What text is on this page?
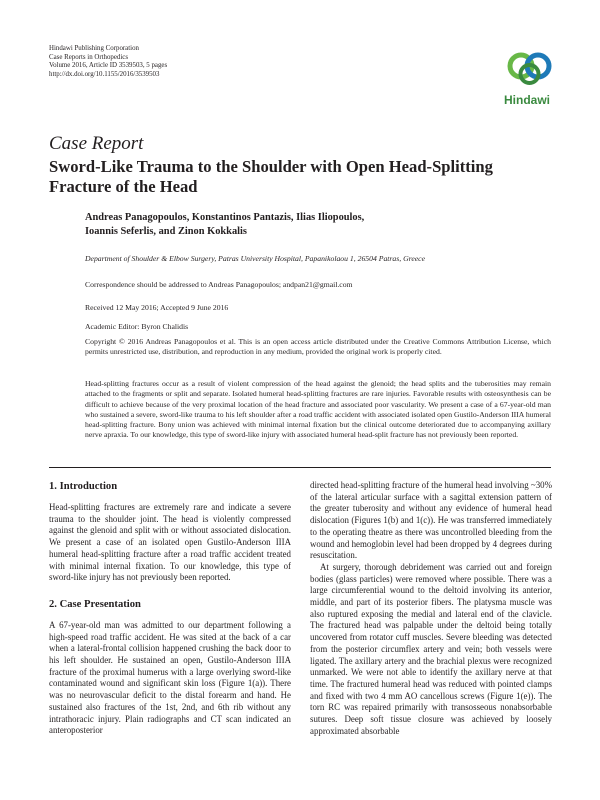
Hindawi Publishing Corporation
Case Reports in Orthopedics
Volume 2016, Article ID 3539503, 5 pages
http://dx.doi.org/10.1155/2016/3539503
Hindawi
Case Report
Sword-Like Trauma to the Shoulder with Open Head-Splitting Fracture of the Head
Andreas Panagopoulos, Konstantinos Pantazis, Ilias Iliopoulos,
Ioannis Seferlis, and Zinon Kokkalis
Department of Shoulder & Elbow Surgery, Patras University Hospital, Papanikolaou 1, 26504 Patras, Greece
Correspondence should be addressed to Andreas Panagopoulos; andpan21@gmail.com
Received 12 May 2016; Accepted 9 June 2016
Academic Editor: Byron Chalidis
Copyright © 2016 Andreas Panagopoulos et al. This is an open access article distributed under the Creative Commons Attribution License, which permits unrestricted use, distribution, and reproduction in any medium, provided the original work is properly cited.
Head-splitting fractures occur as a result of violent compression of the head against the glenoid; the head splits and the tuberosities may remain attached to the fragments or split and separate. Isolated humeral head-splitting fractures are rare injuries. Favorable results with osteosynthesis can be difficult to achieve because of the very proximal location of the head fracture and associated poor vascularity. We present a case of a 67-year-old man who sustained a severe, sword-like trauma to his left shoulder after a road traffic accident with associated isolated open Gustilo-Anderson IIIA humeral head-splitting fracture. Bony union was achieved with minimal internal fixation but the clinical outcome deteriorated due to accompanying axillary nerve apraxia. To our knowledge, this type of sword-like injury with associated humeral head-split fracture has not previously been reported.
1. Introduction

Head-splitting fractures are extremely rare and indicate a severe trauma to the shoulder joint. The head is violently compressed against the glenoid and split with or without associated dislocation. We present a case of an isolated open Gustilo-Anderson IIIA humeral head-splitting fracture after a road traffic accident treated with minimal internal fixation. To our knowledge, this type of sword-like injury has not previously been reported.

2. Case Presentation

A 67-year-old man was admitted to our department following a high-speed road traffic accident. He was sited at the back of a car when a lateral-frontal collision happened crushing the back door to his left shoulder. He sustained an open, Gustilo-Anderson IIIA fracture of the proximal humerus with a large overlying sword-like contaminated wound and significant skin loss (Figure 1(a)). There was no neurovascular deficit to the distal forearm and hand. He sustained also fractures of the 1st, 2nd, and 6th rib without any intrathoracic injury. Plain radiographs and CT scan indicated an anteroposterior

directed head-splitting fracture of the humeral head involving ~30% of the lateral articular surface with a sagittal extension pattern of the greater tuberosity and without any evidence of humeral head dislocation (Figures 1(b) and 1(c)). He was transferred immediately to the operating theatre as there was uncontrolled bleeding from the wound and hemoglobin level had been dropped by 4 degrees during resuscitation.

At surgery, thorough debridement was carried out and foreign bodies (glass particles) were removed where possible. There was a large circumferential wound to the deltoid involving its anterior, middle, and part of its posterior fibers. The platysma muscle was also ruptured exposing the medial and lateral end of the clavicle. The fractured head was palpable under the deltoid being totally uncovered from rotator cuff muscles. Severe bleeding was detected from the posterior circumflex artery and vein; both vessels were ligated. The axillary artery and the brachial plexus were recognized unmarked. We were not able to identify the axillary nerve at that time. The fractured humeral head was reduced with pointed clamps and fixed with two 4 mm AO cancellous screws (Figure 1(e)). The torn RC was repaired primarily with transosseous nonabsorbable sutures. Deep soft tissue closure was achieved by loosely approximated absorbable
